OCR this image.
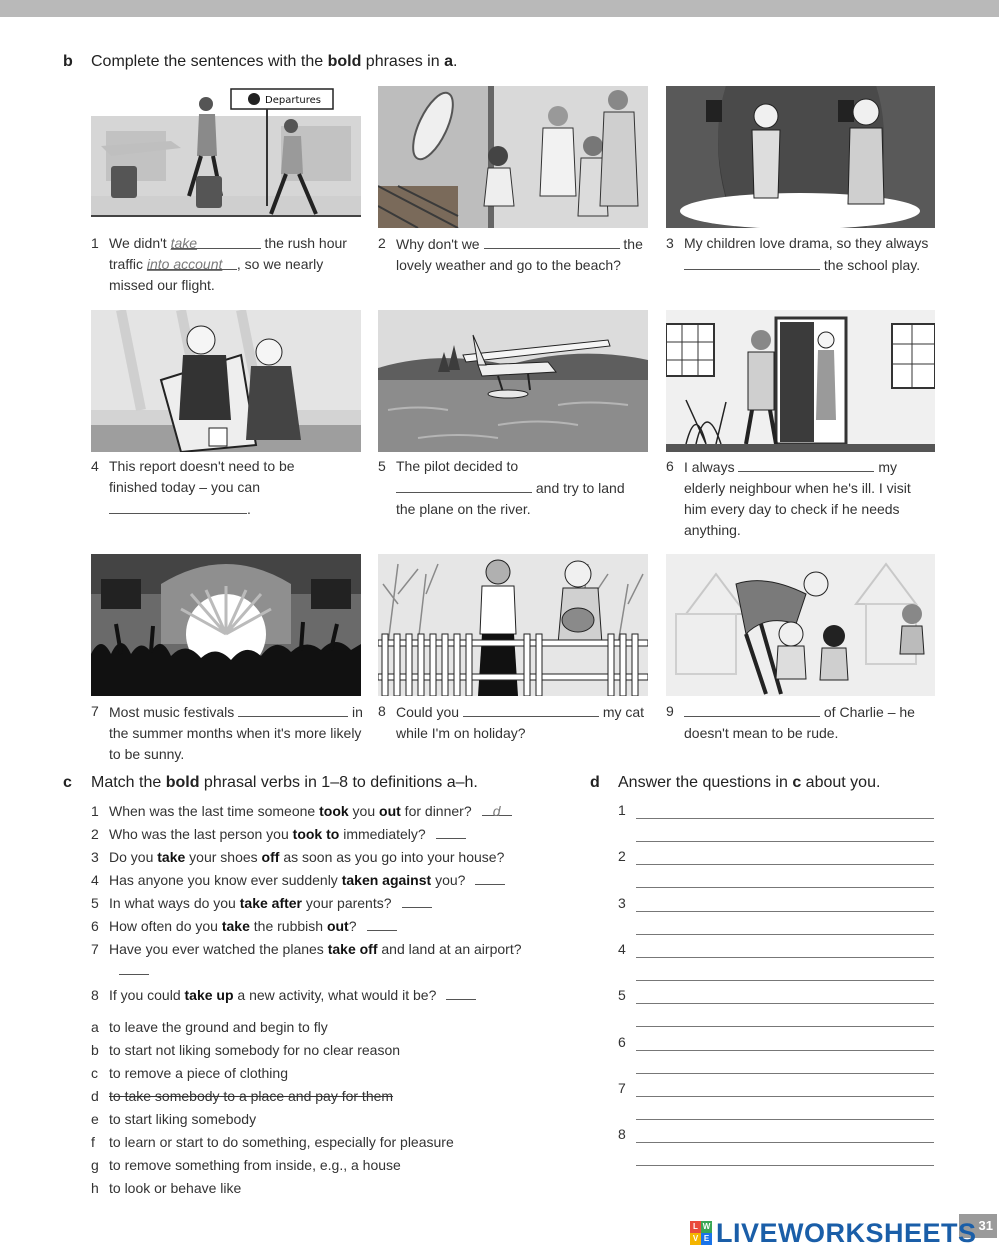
b Complete the sentences with the bold phrases in a.
Departures
1 We didn't take	the rush hour traffic into account , so we nearly missed our flight.
2 Why don't we	the lovely weather and go to the beach?
3 My children love drama, so they always  the school play.
4 This report doesn't need to be finished today – you can .
5 The pilot decided to  and try to land the plane on the river.
6 I always	my elderly neighbour when he's ill. I visit him every day to check if he needs anything.
7 Most music festivals	in the summer months when it's more likely to be sunny.
8 Could you	my cat while I'm on holiday?
9	of Charlie – he doesn't mean to be rude.
c Match the bold phrasal verbs in 1–8 to definitions a–h.
1 When was the last time someone took you out for dinner? d
2 Who was the last person you took to immediately?
3 Do you take your shoes off as soon as you go into your house?
4 Has anyone you know ever suddenly taken against you?
5 In what ways do you take after your parents?
6 How often do you take the rubbish out?
7 Have you ever watched the planes take off and land at an airport?
8 If you could take up a new activity, what would it be?
a to leave the ground and begin to fly
b to start not liking somebody for no clear reason
c to remove a piece of clothing
d to take somebody to a place and pay for them
e to start liking somebody
f to learn or start to do something, especially for pleasure
g to remove something from inside, e.g., a house
h to look or behave like
d Answer the questions in c about you.
1
2
3
4
5
6
7
8
31
L W
V E LIVEWORKSHEETS
